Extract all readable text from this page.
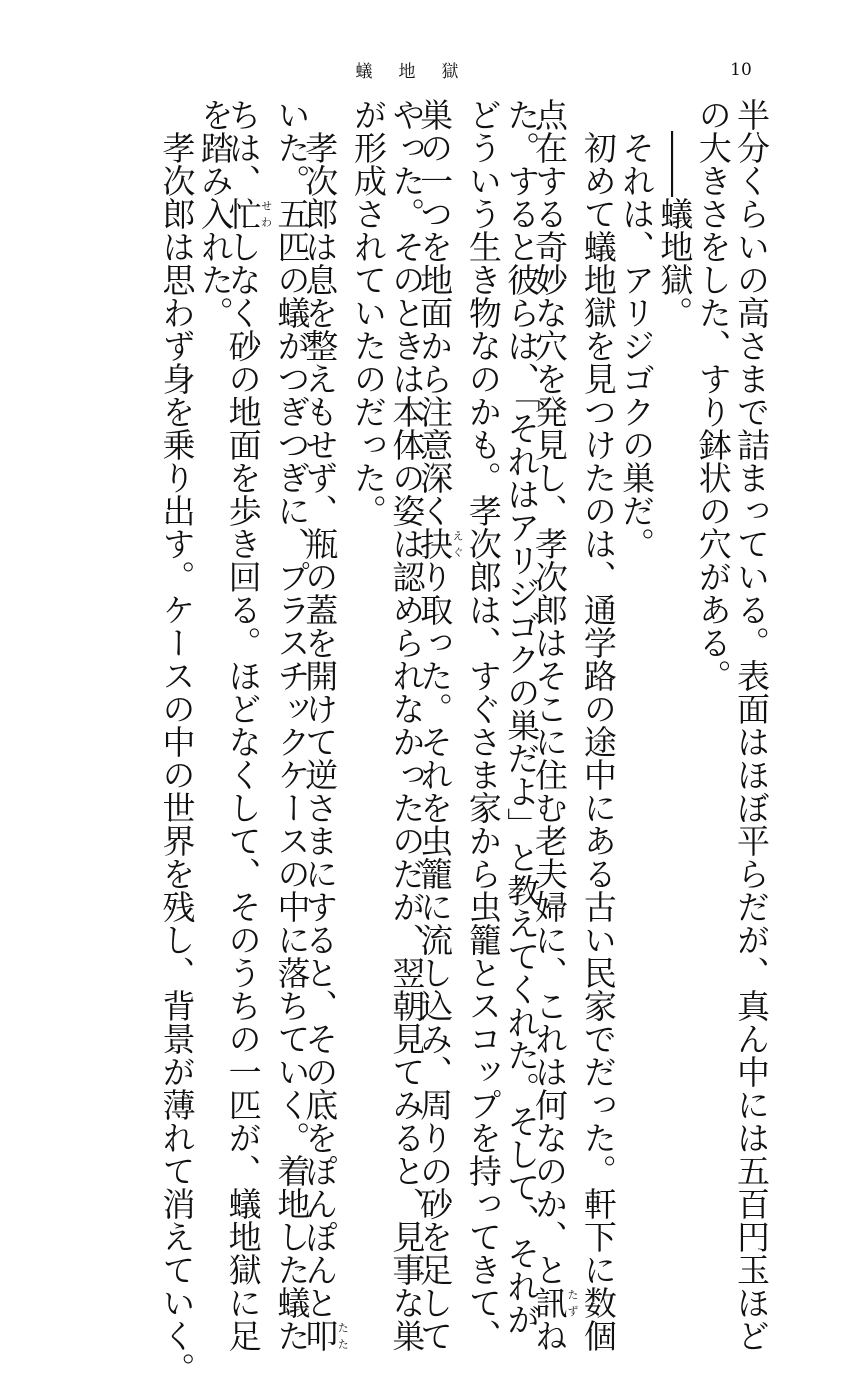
蟻地獄	10
半分くらいの高さまで詰まっている。表面はほぼ平らだが、真ん中には五百円玉ほど
の大きさをした、すり鉢状の穴がある。
――蟻地獄。
それは、アリジゴクの巣だ。
初めて蟻地獄を見つけたのは、通学路の途中にある古い民家でだった。軒下に数個
点在する奇妙な穴を発見し、孝次郎はそこに住む老夫婦に、これは何なのか、と訊たずね
た。すると彼らは、「それはアリジゴクの巣だよ」と教えてくれた。そして、それが
どういう生き物なのかも。孝次郎は、すぐさま家から虫籠とスコップを持ってきて、
巣の一つを地面から注意深く抉えぐり取った。それを虫籠に流し込み、周りの砂を足して
やった。そのときは本体の姿は認められなかったのだが、翌朝見てみると、見事な巣
が形成されていたのだった。
孝次郎は息を整えもせず、瓶の蓋を開けて逆さまにすると、その底をぽんぽんと叩たた
いた。五匹の蟻がつぎつぎに、プラスチックケースの中に落ちていく。着地した蟻た
ちは、忙せわしなく砂の地面を歩き回る。ほどなくして、そのうちの一匹が、蟻地獄に足
を踏み入れた。
孝次郎は思わず身を乗り出す。ケースの中の世界を残し、背景が薄れて消えていく。
